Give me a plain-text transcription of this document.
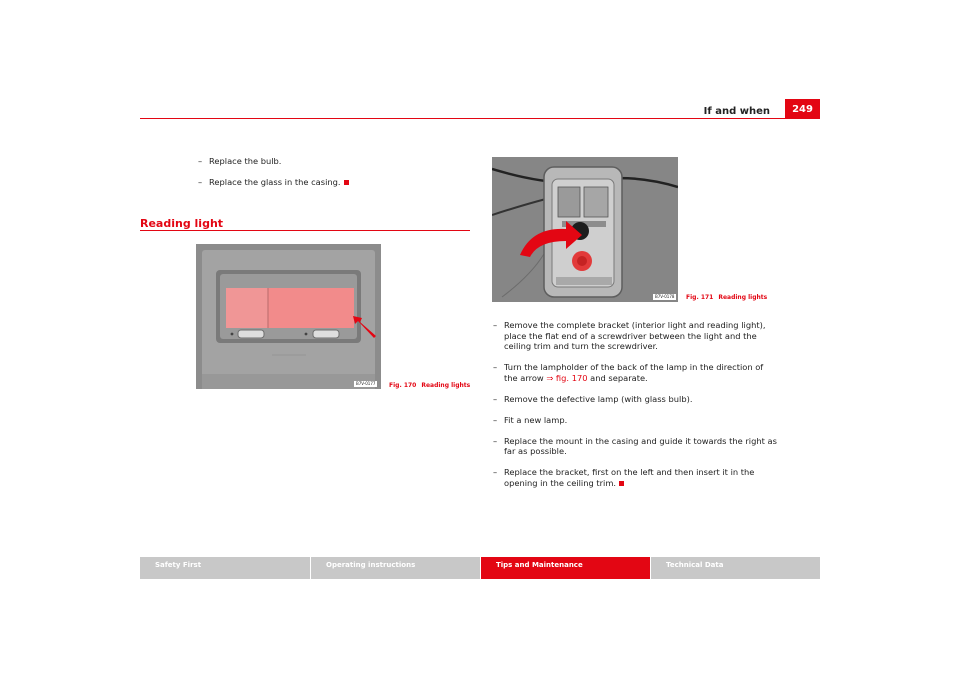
If and when	249
– Replace the bulb.
– Replace the glass in the casing.
Reading light
B7V-0177	Fig. 170 Reading lights
B7V-0178	Fig. 171 Reading lights
– Remove the complete bracket (interior light and reading light), place the flat end of a screwdriver between the light and the ceiling trim and turn the screwdriver.
– Turn the lampholder of the back of the lamp in the direction of the arrow ⇒ fig. 170 and separate.
– Remove the defective lamp (with glass bulb).
– Fit a new lamp.
– Replace the mount in the casing and guide it towards the right as far as possible.
– Replace the bracket, first on the left and then insert it in the opening in the ceiling trim.
Safety First	Operating instructions	Tips and Maintenance	Technical Data
